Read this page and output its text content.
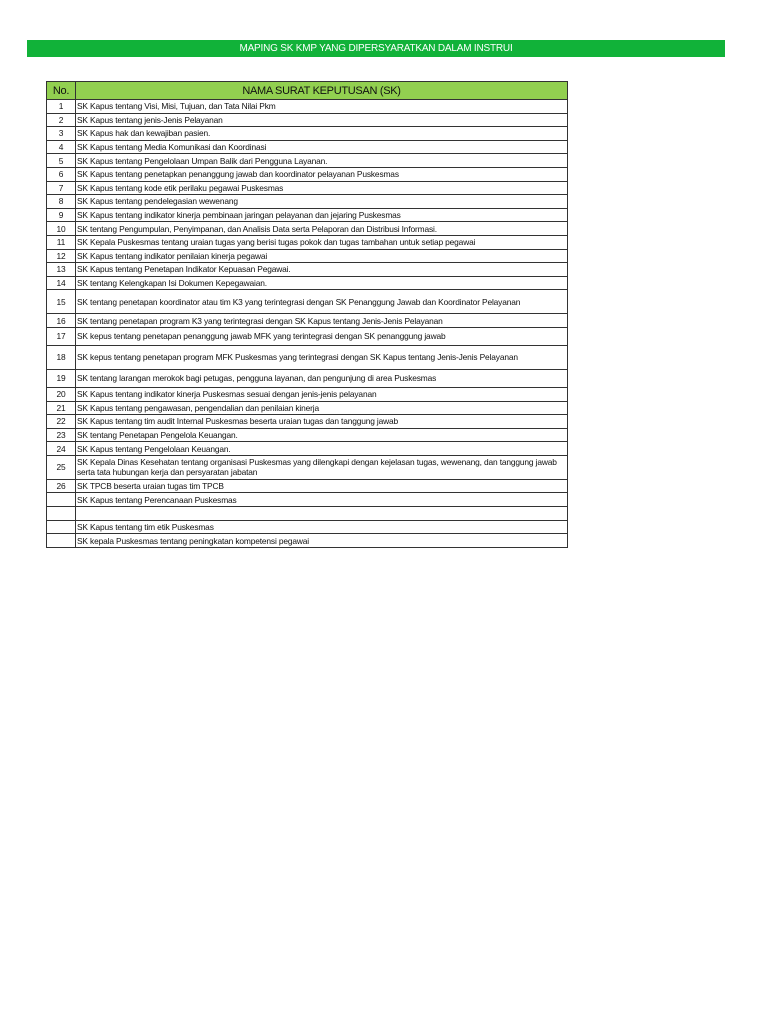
MAPING SK KMP YANG DIPERSYARATKAN DALAM INSTRUI
No.	NAMA SURAT KEPUTUSAN (SK)
1	SK Kapus tentang Visi, Misi, Tujuan, dan Tata Nilai Pkm
2	SK Kapus tentang jenis-Jenis Pelayanan
3	SK Kapus hak dan kewajiban pasien.
4	SK Kapus tentang Media Komunikasi dan Koordinasi
5	SK Kapus tentang Pengelolaan Umpan Balik dari Pengguna Layanan.
6	SK Kapus tentang penetapkan penanggung jawab dan koordinator pelayanan Puskesmas
7	SK Kapus tentang kode etik perilaku pegawai Puskesmas
8	SK Kapus tentang pendelegasian wewenang
9	SK Kapus tentang indikator kinerja pembinaan jaringan pelayanan dan jejaring Puskesmas
10	SK tentang Pengumpulan, Penyimpanan, dan Analisis Data serta Pelaporan dan Distribusi Informasi.
11	SK Kepala Puskesmas tentang uraian tugas yang berisi tugas pokok dan tugas tambahan untuk setiap pegawai
12	SK Kapus tentang indikator penilaian kinerja pegawai
13	SK Kapus tentang Penetapan Indikator Kepuasan Pegawai.
14	SK tentang Kelengkapan Isi Dokumen Kepegawaian.
15	SK tentang penetapan koordinator atau tim K3 yang terintegrasi dengan SK Penanggung Jawab dan Koordinator Pelayanan
16	SK tentang penetapan program K3 yang terintegrasi dengan SK Kapus tentang Jenis-Jenis Pelayanan
17	SK kepus tentang penetapan penanggung jawab MFK yang terintegrasi dengan SK penanggung jawab
18	SK kepus tentang penetapan program MFK Puskesmas yang terintegrasi dengan SK Kapus tentang Jenis-Jenis Pelayanan
19	SK tentang larangan merokok bagi petugas, pengguna layanan, dan pengunjung di area Puskesmas
20	SK Kapus tentang indikator kinerja Puskesmas sesuai dengan jenis-jenis pelayanan
21	SK Kapus tentang pengawasan, pengendalian dan penilaian kinerja
22	SK Kapus tentang tim audit Internal Puskesmas beserta uraian tugas dan tanggung jawab
23	SK tentang Penetapan Pengelola Keuangan.
24	SK Kapus tentang Pengelolaan Keuangan.
25	SK Kepala Dinas Kesehatan tentang organisasi Puskesmas yang dilengkapi dengan kejelasan tugas, wewenang, dan tanggung jawab serta tata hubungan kerja dan persyaratan jabatan
26	SK TPCB beserta uraian tugas tim TPCB
	SK Kapus tentang Perencanaan Puskesmas

	SK Kapus tentang tim etik Puskesmas
	SK kepala Puskesmas tentang peningkatan kompetensi pegawai
